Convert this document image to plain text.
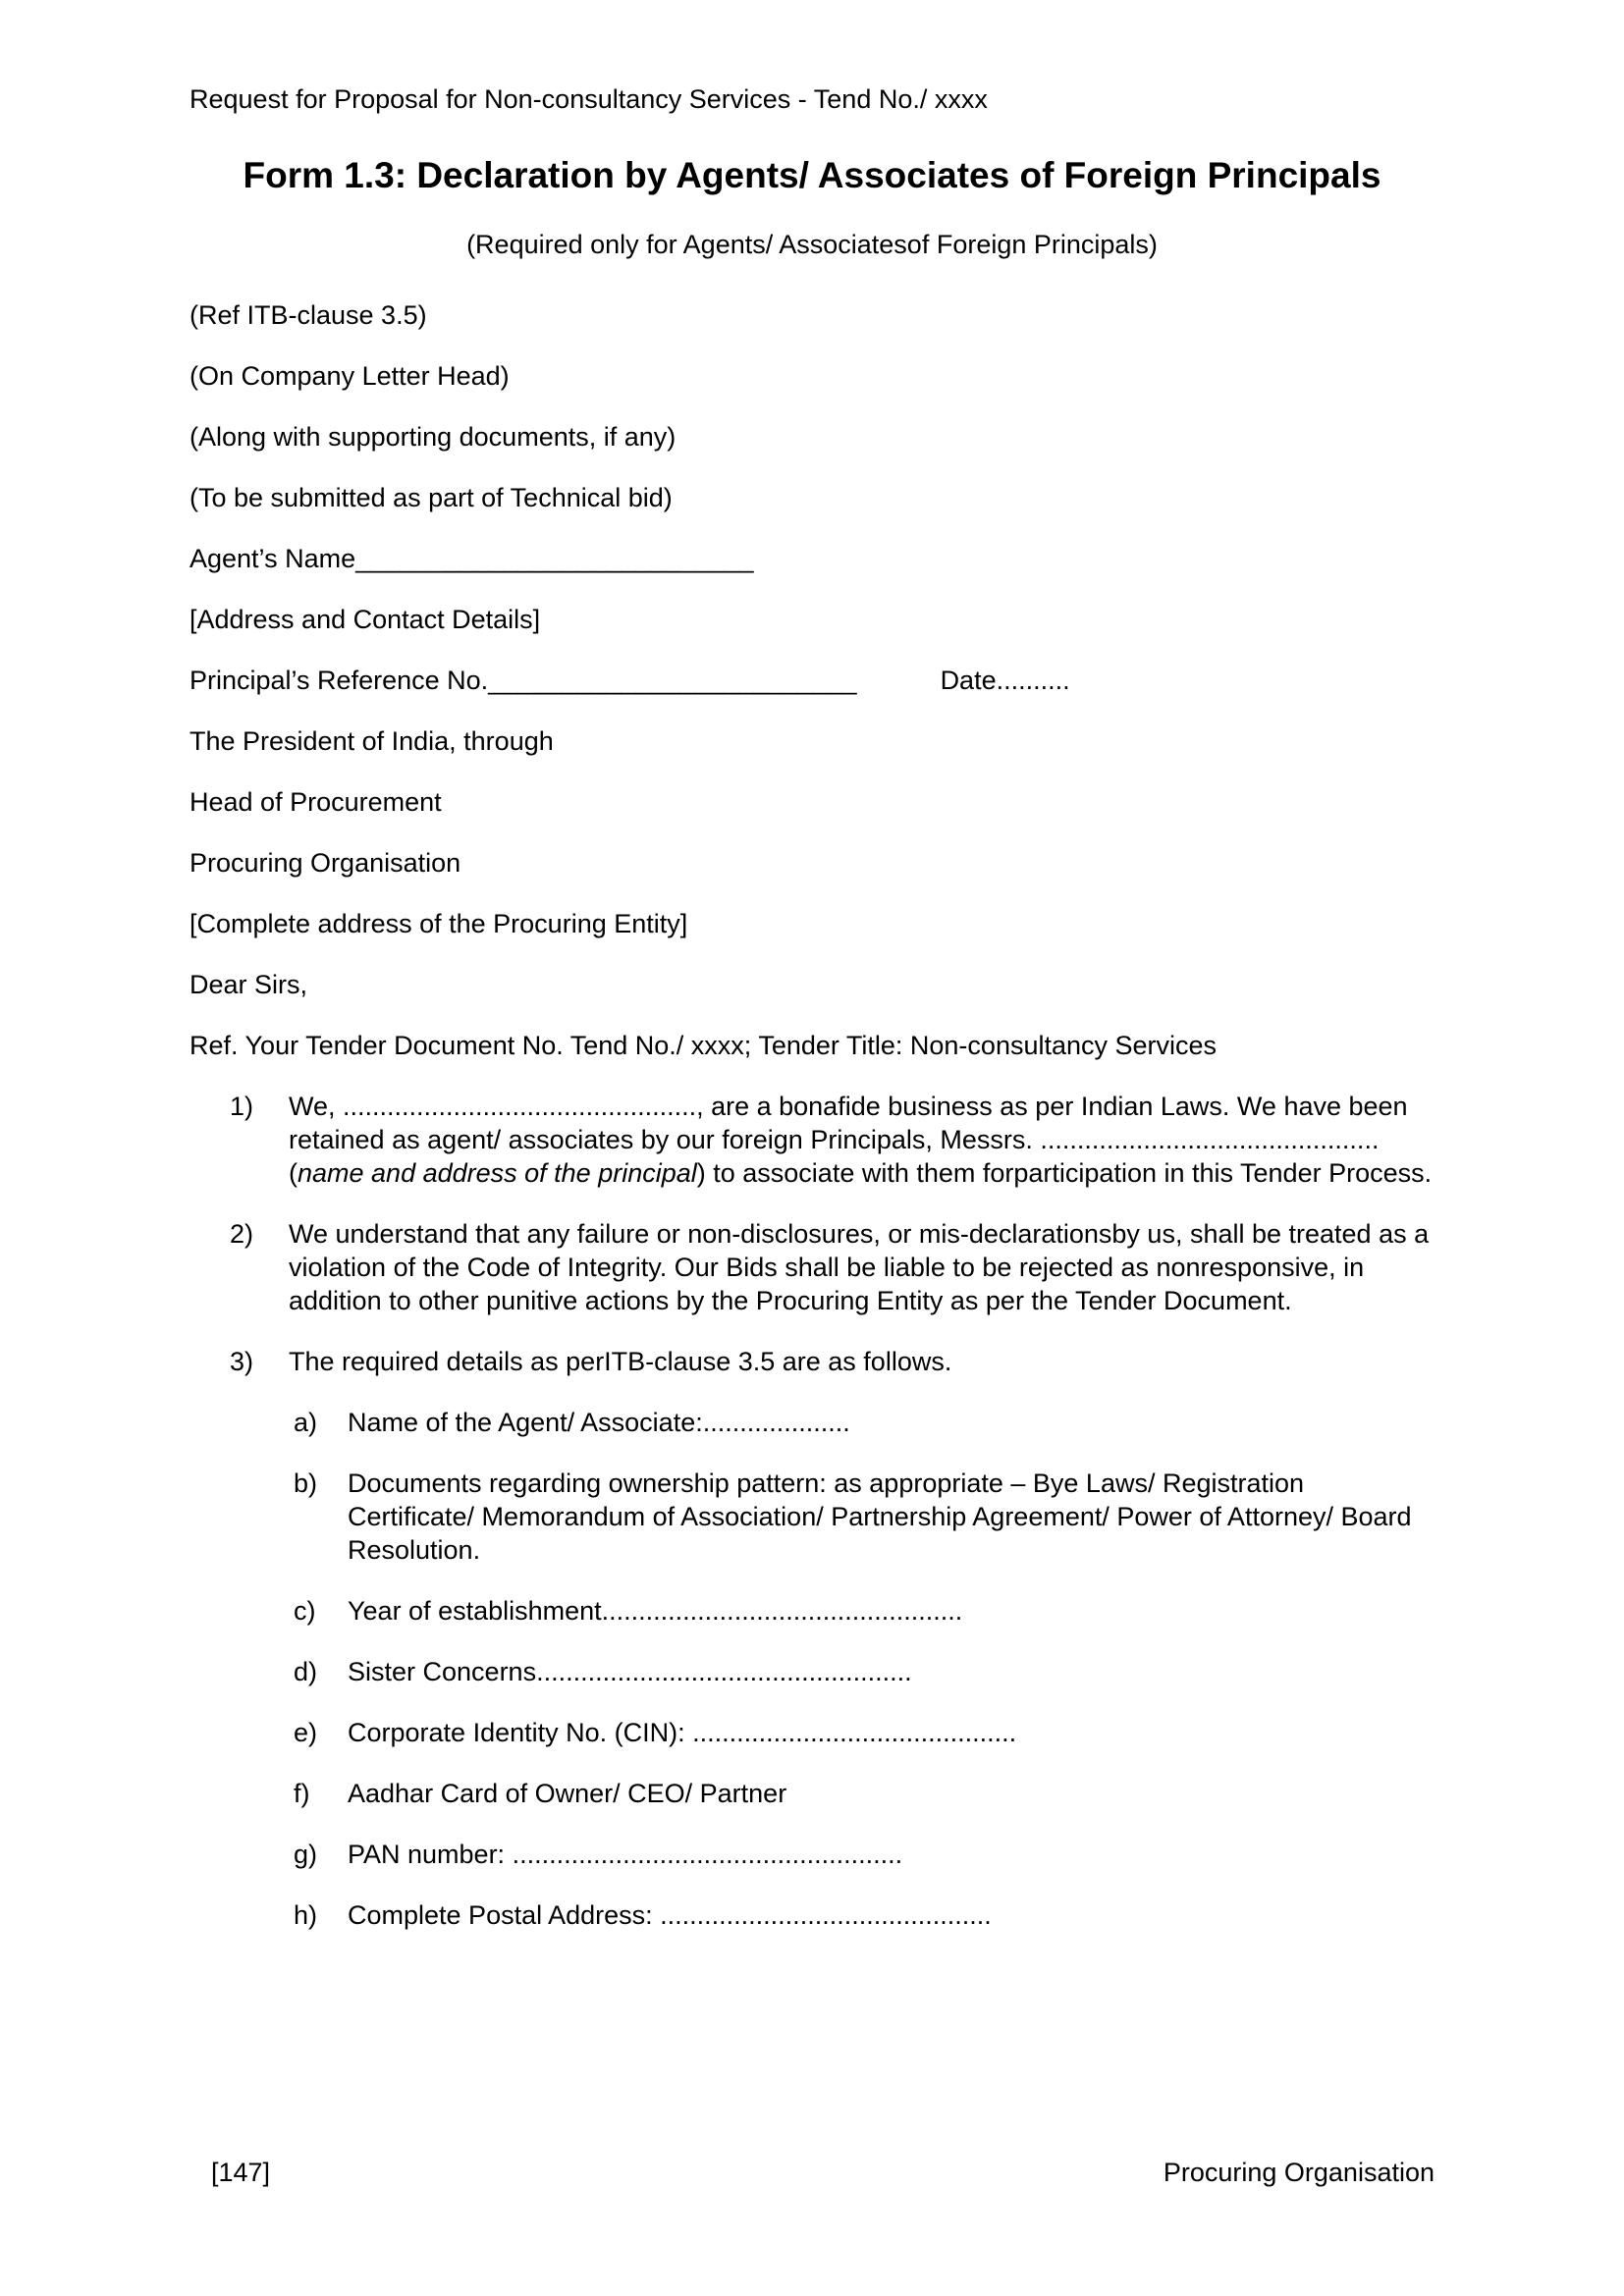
Request for Proposal for Non-consultancy Services - Tend No./ xxxx
Form 1.3: Declaration by Agents/ Associates of Foreign Principals

(Required only for Agents/ Associatesof Foreign Principals)

(Ref ITB-clause 3.5)

(On Company Letter Head)

(Along with supporting documents, if any)

(To be submitted as part of Technical bid)

Agent’s Name___________________________

[Address and Contact Details]

Principal’s Reference No._________________________	Date..........

The President of India, through

Head of Procurement

Procuring Organisation

[Complete address of the Procuring Entity]

Dear Sirs,

Ref. Your Tender Document No. Tend No./ xxxx; Tender Title: Non-consultancy Services

1)	We, ................................................, are a bonafide business as per Indian Laws. We have been retained as agent/ associates by our foreign Principals, Messrs. .............................................. (name and address of the principal) to associate with them forparticipation in this Tender Process.
2)	We understand that any failure or non-disclosures, or mis-declarationsby us, shall be treated as a violation of the Code of Integrity. Our Bids shall be liable to be rejected as nonresponsive, in addition to other punitive actions by the Procuring Entity as per the Tender Document.
3)	The required details as perITB-clause 3.5 are as follows.
a)	Name of the Agent/ Associate:....................
b)	Documents regarding ownership pattern: as appropriate – Bye Laws/ Registration Certificate/ Memorandum of Association/ Partnership Agreement/ Power of Attorney/ Board Resolution.
c)	Year of establishment.................................................
d)	Sister Concerns...................................................
e)	Corporate Identity No. (CIN): ............................................
f)	Aadhar Card of Owner/ CEO/ Partner
g)	PAN number: .....................................................
h)	Complete Postal Address: .............................................
[147]	Procuring Organisation
